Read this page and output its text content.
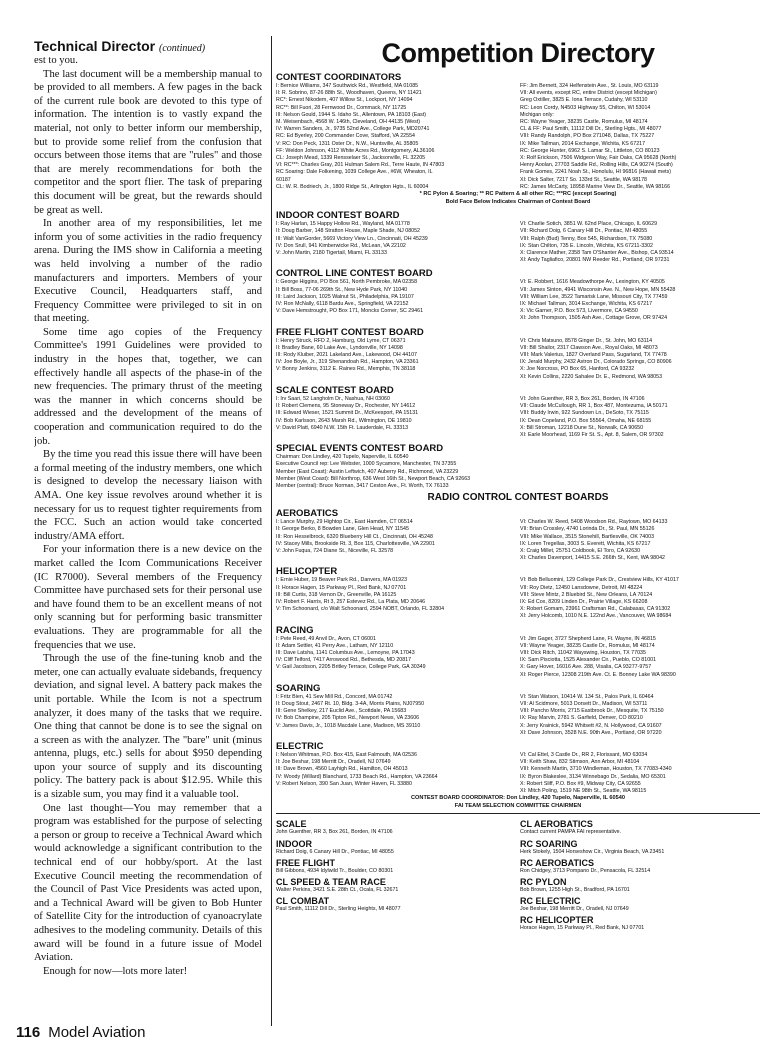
Technical Director (continued)

est to you.

The last document will be a membership manual to be provided to all members. A few pages in the back of the current rule book are devoted to this type of information. The intention is to vastly expand the material, not only to better inform our membership, but to provide some relief from the confusion that occurs between those items that are "rules" and those that are merely recommendations for both the competitor and the sport flier. The task of preparing this document will be great, but the rewards should be great as well.

In another area of my responsibilities, let me inform you of some activities in the radio frequency arena. During the IMS show in California a meeting was held involving a number of the radio manufacturers and importers. Members of your Executive Council, Headquarters staff, and Frequency Committee were privileged to sit in on that meeting.

Some time ago copies of the Frequency Committee's 1991 Guidelines were provided to industry in the hopes that, together, we can effectively handle all aspects of the phase-in of the new frequencies. The primary thrust of the meeting was the manner in which concerns should be addressed and the development of the means of cooperation and communication required to do the job.

By the time you read this issue there will have been a formal meeting of the industry members, one which is designed to develop the necessary liaison with AMA. One key issue revolves around whether it is necessary for us to request tighter requirements from the FCC. Such an action would take concerted industry/AMA effort.

For your information there is a new device on the market called the Icom Communications Receiver (IC R7000). Several members of the Frequency Committee have purchased sets for their personal use and have found them to be an excellent means of not only scanning but for performing basic transmitter evaluations. They are programmable for all the frequencies that we use.

Through the use of the fine-tuning knob and the meter, one can actually evaluate sidebands, frequency deviation, and signal level. A battery pack makes the unit portable. While the Icom is not a spectrum analyzer, it does many of the tasks that we require. One thing that cannot be done is to see the signal on a screen as with the analyzer. The "bare" unit (minus antenna, plugs, etc.) sells for about $950 depending upon your source of supply and its discounting policy. The battery pack is about $12.95. While this is a sizable sum, you may find it a valuable tool.

One last thought—You may remember that a program was established for the purpose of selecting a person or group to receive a Technical Award which would acknowledge a significant contribution to the technical end of our hobby/sport. At the last Executive Council meeting the recommendation of the Council of Past Vice Presidents was acted upon, and a Technical Award will be given to Bob Hunter of Satellite City for the introduction of cyanoacrylate adhesives to the modeling community. Details of this award will be found in a future issue of Model Aviation.

Enough for now—lots more later!

Competition Directory
CONTEST COORDINATORS
I: Bernice Williams, 347 Southwick Rd., Westfield, MA 01085
II: R. Sobrino, 87-26 88th St., Woodhaven, Queens, NY 11421
RC*: Ernest Nikodem, 407 Willow St., Lockport, NY 14094
RC**: Bill Fuori, 28 Fernwood Dr., Commack, NY 11725
III: Nelson Gould, 1944 S. Idaho St., Allentown, PA 18103 (East)
M. Weisenbach, 4568 W. 146th, Cleveland, OH 44135 (West)
IV: Warren Sanders, Jr., 9735 52nd Ave., College Park, MD20741
RC: Ed Byerley, 200 Commander Cove, Stafford, VA 22554
V: RC: Don Peck, 1311 Oster Dr., N.W., Huntsville, AL 35805
FF: Weldon Johnson, 4112 White Acres Rd., Montgomery, AL36106
CL: Joseph Mead, 1339 Rensselaer St., Jacksonville, FL 32205
VI: RC***: Charles Gray, 201 Hulman Salem Rd., Terre Haute, IN 47803
RC Soaring: Dale Folkening, 1039 College Ave., #6W, Wheaton, IL
60187
CL: W. R. Bodriech, Jr., 1800 Ridge St., Arlington Hgts., IL 60004
FF: Jim Bernett, 324 Helfenstein Ave., St. Louis, MO 63119
VII: All events, except RC, entire District (except Michigan)
Greg Oxtiller, 3825 E. Iona Terrace, Cudahy, WI 53110
RC: Leon Cordy, N4503 Highway 55, Chilton, WI 53014
Michigan only:
RC: Wayne Yeager, 38235 Castle, Romulus, MI 48174
CL & FF: Paul Smith, 11112 Dill Dr., Sterling Hgts., MI 48077
VIII: Randy Randolph, PO Box 271048, Dallas, TX 75227
IX: Mike Tallman, 2014 Exchange, Wichita, KS 67217
RC: George Hunter, 6962 S. Lamar St., Littleton, CO 80123
X: Rolf Erickson, 7506 Widgeon Way, Fair Oaks, CA 95628 (North)
Henry Aoolan, 27703 Saddle Rd., Rolling Hills, CA 90274 (South)
Frank Gomes, 2241 Noah St., Honolulu, HI 96816 (Hawaii mets)
XI: Dick Salter, 7217 So. 133rd St., Seattle, WA 98178
RC: James McCarty, 18958 Marine View Dr., Seattle, WA 98166
* RC Pylon & Soaring; ** RC Pattern & all other RC; ***RC (except Soaring)
Bold Face Below Indicates Chairman of Contest Board
INDOOR CONTEST BOARD
I: Ray Harlan, 15 Happy Hollow Rd., Wayland, MA 01778
II: Doug Barber, 148 Stratton House, Maple Shade, NJ 08052
III: Walt VanGorder, 5669 Victory View Ln., Cincinnati, OH 45239
IV: Don Srull, 941 Kimberwicke Rd., McLean, VA 22102
V: John Martin, 2180 Tigertail, Miami, FL 33133
VI: Charlie Sotich, 3851 W. 62nd Place, Chicago, IL 60629
VII: Richard Doig, 6 Canary Hill Dr., Pontiac, MI 48055
VIII: Ralph (Bud) Tenny, Box 545, Richardson, TX 75080
IX: Stan Chilton, 735 E. Lincoln, Wichita, KS 67211-3302
X: Clarence Mather, 2358 Tam O'Shanter Ave., Bishop, CA 93514
XI: Andy Tagliafico, 20801 NW Reeder Rd., Portland, OR 97231
CONTROL LINE CONTEST BOARD
I: George Higgins, PO Box 561, North Pembroke, MA 02358
II: Bill Boss, 77-06 269th St., New Hyde Park, NY 11040
III: Laird Jackson, 1025 Walnut St., Philadelphia, PA 19107
IV: Ron McNally, 6118 Bardu Ave., Springfield, VA 22152
V: Dave Hemstrought, PO Box 171, Moncks Corner, SC 29461
VI: E. Robbert, 1616 Meadowthorpe Av., Lexington, KY 40505
VII: James Sinton, 4941 Wisconsin Ave. N., New Hope, MN 55428
VIII: William Lee, 3522 Tamarisk Lane, Missouri City, TX 77459
IX: Michael Tallman, 3014 Exchange, Wichita, KS 67217
X: Vic Garner, P.O. Box 573, Livermore, CA 94550
XI: John Thompson, 1505 Ash Ave., Cottage Grove, OR 97424
FREE FLIGHT CONTEST BOARD
I: Henry Struck, RFD 2, Hamburg, Old Lyme, CT 06371
II: Bradley Bane, 60 Lake Ave., Lyndonville, NY 14098
III: Rody Kluiber, 2021 Lakeland Ave., Lakewood, OH 44107
IV: Joe Boyle, Jr., 319 Shenandoah Rd., Hampton, VA 23361
V: Bonny Jenkins, 3112 E. Raines Rd., Memphis, TN 38118
VI: Chris Matsuno, 8578 Ginger Dr., St. John, MO 63114
VII: Bill Shailor, 2317 Clawson Ave., Royal Oaks, MI 48073
VIII: Mark Valerius, 1827 Overland Pass, Sugarland, TX 77478
IX: Jerald Murphy, 2432 Astron Dr., Colorado Springs, CO 80906
X: Joe Norcross, PO Box 65, Hanford, CA 93232
XI: Kevin Collins, 2220 Sahalee Dr. E., Redmond, WA 98053
SCALE CONTEST BOARD
I: Irv Saari, 52 Langholm Dr., Nashua, NH 03060
II: Robert Clemens, 95 Stoneway Dr., Rochester, NY 14612
III: Edward Wieser, 1521 Summit Dr., McKeesport, PA 15131
IV: Bob Karlsson, 2643 Marsh Rd., Wilmington, DE 19810
V: David Platt, 6940 N.W. 15th Ft. Lauderdale, FL 33313
VI: John Guenther, RR 3, Box 261, Borden, IN 47106
VII: Claude McCullough, RR 1, Box 487, Montezuma, IA 50171
VIII: Buddy Irwin, 922 Sundown Ln., DeSoto, TX 75115
IX: Dean Copeland, P.O. Box 55564, Omaha, NE 68155
X: Bill Stroman, 12218 Dune St., Norwalk, CA 90650
XI: Earle Moorhead, 1169 Fir St. S., Apt. 8, Salem, OR 97302
SPECIAL EVENTS CONTEST BOARD
Chairman: Don Lindley, 420 Tupelo, Naperville, IL 60540
Executive Council rep: Lee Webster, 1000 Sycamore, Manchester, TN 37355
Member (East Coast): Austin Leftwich, 407 Auberry Rd., Richmond, VA 23229
Member (West Coast): Bill Northrop, 636 West 16th St., Newport Beach, CA 92663
Member (central): Bruce Norman, 3417 Ceston Ave., Ft. Worth, TX 76133
RADIO CONTROL CONTEST BOARDS
AEROBATICS
I: Lance Murphy, 29 Hightop Cir., East Hamden, CT 06514
II: George Berko, 8 Bowden Lane, Glen Head, NY 11545
III: Ron Hesselbrock, 6320 Blueberry Hill Ct., Cincinnati, OH 45248
IV: Stacey Mills, Brookside Rt. 3, Box 115, Charlottesville, VA 22901
V: John Fuqua, 724 Diane St., Niceville, FL 32578
VI: Charles W. Reed, 5408 Woodson Rd., Raytown, MO 64133
VII: Brian Crossley, 4740 Lorinda Dr., St. Paul, MN 55126
VIII: Mike Wallace, 3515 Stonehill, Bartlesville, OK 74003
IX: Loren Tregellas, 3003 S. Everett, Wichita, KS 67217
X: Craig Millet, 25751 Coldbook, El Toro, CA 92630
XI: Charles Davenport, 14415 S.E. 266th St., Kent, WA 98042
HELICOPTER
I: Ernie Huber, 19 Beaver Park Rd., Danvers, MA 01923
II: Horace Hagen, 15 Parkway Pl., Red Bank, NJ 07701
III: Bill Curtis, 318 Vernon Dr., Greenville, PA 16125
IV: Robert F. Harris, Rt 3, 257 Estevez Rd., La Plata, MD 20646
V: Tim Schoonard, c/o Walt Schoonard, 2594 NOBT, Orlando, FL 32804
VI: Bob Belluomini, 129 College Park Dr., Crestview Hills, KY 41017
VII: Roy Dietz, 12450 Lansdowne, Detroit, MI 48224
VIII: Steve Mintz, 2 Bluebird St., New Orleans, LA 70124
IX: Ed Cox, 8209 Linden Dr., Prairie Village, KS 66208
X: Robert Gomam, 23961 Craftsman Rd., Calabasas, CA 91302
XI: Jerry Holcomb, 1010 N.E. 122nd Ave., Vancouver, WA 98684
RACING
I: Pete Reed, 49 Anvil Dr., Avon, CT 06001
II: Adam Settler, 41 Perry Ave., Latham, NY 12110
III: Dave Latsha, 1141 Columbus Ave., Lemoyne, PA 17043
IV: Cliff Telford, 7417 Arrowood Rd., Bethesda, MD 20817
V: Gail Jacobson, 2205 Britley Terrace, College Park, GA 30349
VI: Jim Gager, 3727 Shepherd Lane, Ft. Wayne, IN 46815
VII: Wayne Yeager, 38235 Castle Dr., Romulus, MI 48174
VIII: Dick Ritch, 11042 Wayswing, Houston, TX 77035
IX: Sam Pisciotta, 1525 Alexander Cir., Pueblo, CO 81001
X: Gary Hover, 16016 Ave. 288, Visalia, CA 93277-9757
XI: Roger Pierce, 12308 219th Ave. Ct. E. Bonney Lake WA 98390
SOARING
I: Fritz Bien, 41 Sew Mill Rd., Concord, MA 01742
II: Doug Stout, 2467 Rt. 10, Bldg. 3-4A, Morris Plains, NJ07950
III: Gene Shelkey, 217 Euclid Ave., Scottdale, PA 15683
IV: Bob Champine, 205 Tipton Rd., Newport News, VA 23606
V: James Davis, Jr., 1018 Macdale Lane, Madison, MS 39110
VI: Stan Watson, 10414 W. 134 St., Palos Park, IL 60464
VII: Al Scidmore, 5013 Dorsett Dr., Madison, WI 53711
VIII: Pancho Morris, 2715 Eastbrook Dr., Mesquite, TX 75150
IX: Ray Marvin, 2781 S. Garfield, Denver, CO 80210
X: Jerry Krainick, 5942 Whitsett #2, N. Hollywood, CA 91607
XI: Dave Johnson, 3528 N.E. 90th Ave., Portland, OR 97220
ELECTRIC
I: Nelson Whitman, P.O. Box 415, East Falmouth, MA 02536
II: Joe Beshar, 198 Merritt Dr., Oradell, NJ 07649
III: Dave Brown, 4560 Layhigh Rd., Hamilton, OH 45013
IV: Woody (Willard) Blanchard, 1733 Beach Rd., Hampton, VA 23664
V: Robert Nelson, 390 San Juan, Winter Haven, FL 33880
VI: Cal Ettel, 3 Castle Dr., RR 2, Florissant, MO 63034
VII: Keith Shaw, 832 Stimson, Ann Arbor, MI 48104
VIII: Kenneth Martin, 3710 Windleman, Houston, TX 77083-4340
IX: Byron Blakeslee, 3134 Winnebago Dr., Sedalia, MO 65301
X: Robert Sliff, P.O. Box #9, Midway City, CA 92655
XI: Mitch Poling, 1519 NE 98th St., Seattle, WA 98115
CONTEST BOARD COORDINATOR: Don Lindley, 420 Tupelo, Naperville, IL 60540
FAI TEAM SELECTION COMMITTEE CHAIRMEN
SCALE
John Guenther, RR 3, Box 261, Borden, IN 47106
INDOOR
Richard Doig, 6 Canary Hill Dr., Pontiac, MI 48055
FREE FLIGHT
Bill Gibbons, 4934 Idylwild Tr., Boulder, CO 80301
CL SPEED & TEAM RACE
Walter Perkins, 3421 S.E. 28th Ct., Ocala, FL 32671
CL COMBAT
Paul Smith, 11112 Dill Dr., Sterling Heights, MI 48077
CL AEROBATICS
Contact current PAMPA FAI representative.
RC SOARING
Herk Stokely, 1504 Horseshow Cir., Virginia Beach, VA 23451
RC AEROBATICS
Ron Chidgey, 3713 Pompano Dr., Pensacola, FL 32514
RC PYLON
Bob Brown, 1255 High St., Bradford, PA 16701
RC ELECTRIC
Joe Beshar, 198 Merritt Dr., Oradell, NJ 07649
RC HELICOPTER
Horace Hagen, 15 Parkway Pl., Red Bank, NJ 07701
116 Model Aviation
